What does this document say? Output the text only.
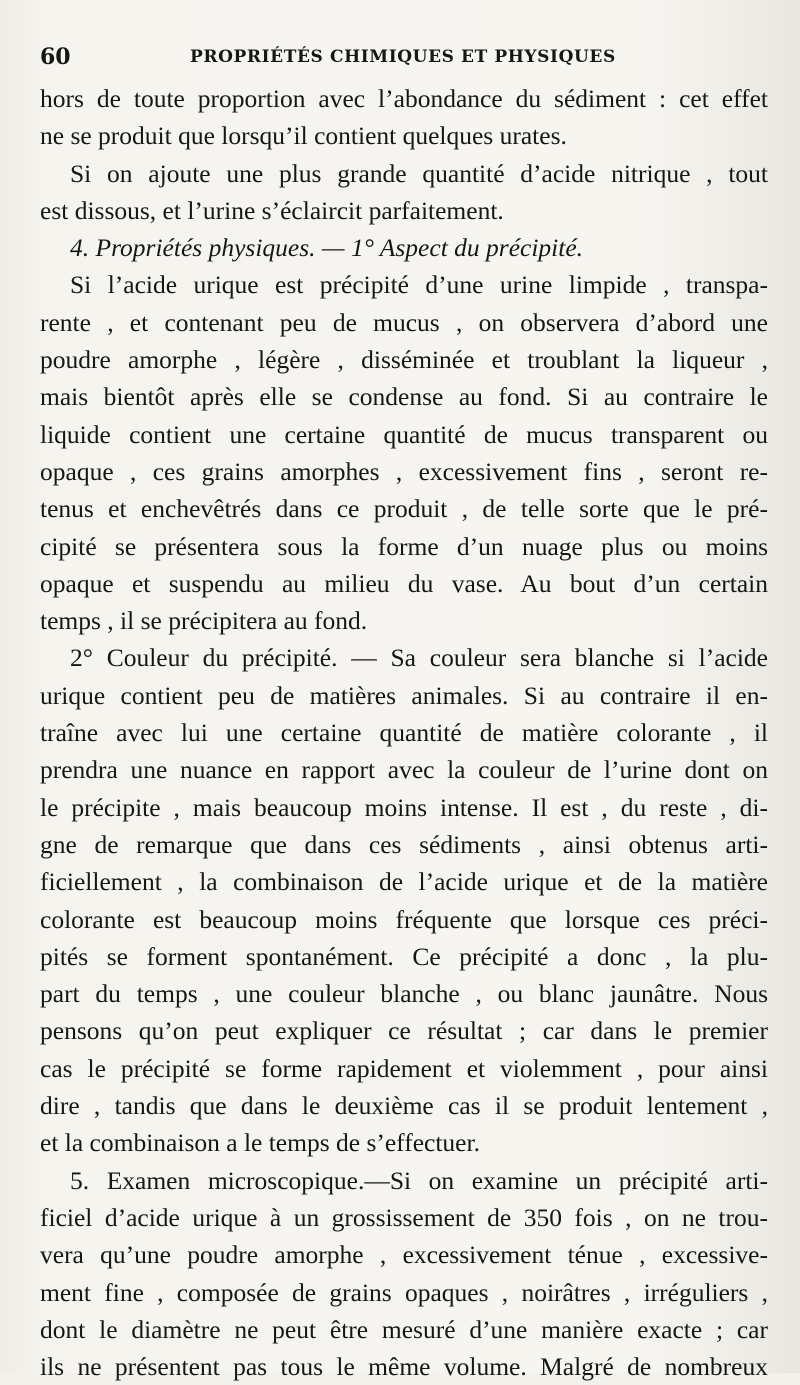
60	PROPRIÉTÉS CHIMIQUES ET PHYSIQUES
hors de toute proportion avec l’abondance du sédiment : cet effet
ne se produit que lorsqu’il contient quelques urates.
Si on ajoute une plus grande quantité d’acide nitrique , tout
est dissous, et l’urine s’éclaircit parfaitement.
4. Propriétés physiques. — 1° Aspect du précipité.
Si l’acide urique est précipité d’une urine limpide , transpa-
rente , et contenant peu de mucus , on observera d’abord une
poudre amorphe , légère , disséminée et troublant la liqueur ,
mais bientôt après elle se condense au fond. Si au contraire le
liquide contient une certaine quantité de mucus transparent ou
opaque , ces grains amorphes , excessivement fins , seront re-
tenus et enchevêtrés dans ce produit , de telle sorte que le pré-
cipité se présentera sous la forme d’un nuage plus ou moins
opaque et suspendu au milieu du vase. Au bout d’un certain
temps , il se précipitera au fond.
2° Couleur du précipité. — Sa couleur sera blanche si l’acide
urique contient peu de matières animales. Si au contraire il en-
traîne avec lui une certaine quantité de matière colorante , il
prendra une nuance en rapport avec la couleur de l’urine dont on
le précipite , mais beaucoup moins intense. Il est , du reste , di-
gne de remarque que dans ces sédiments , ainsi obtenus arti-
ficiellement , la combinaison de l’acide urique et de la matière
colorante est beaucoup moins fréquente que lorsque ces préci-
pités se forment spontanément. Ce précipité a donc , la plu-
part du temps , une couleur blanche , ou blanc jaunâtre. Nous
pensons qu’on peut expliquer ce résultat ; car dans le premier
cas le précipité se forme rapidement et violemment , pour ainsi
dire , tandis que dans le deuxième cas il se produit lentement ,
et la combinaison a le temps de s’effectuer.
5. Examen microscopique.—Si on examine un précipité arti-
ficiel d’acide urique à un grossissement de 350 fois , on ne trou-
vera qu’une poudre amorphe , excessivement ténue , excessive-
ment fine , composée de grains opaques , noirâtres , irréguliers ,
dont le diamètre ne peut être mesuré d’une manière exacte ; car
ils ne présentent pas tous le même volume. Malgré de nombreux
